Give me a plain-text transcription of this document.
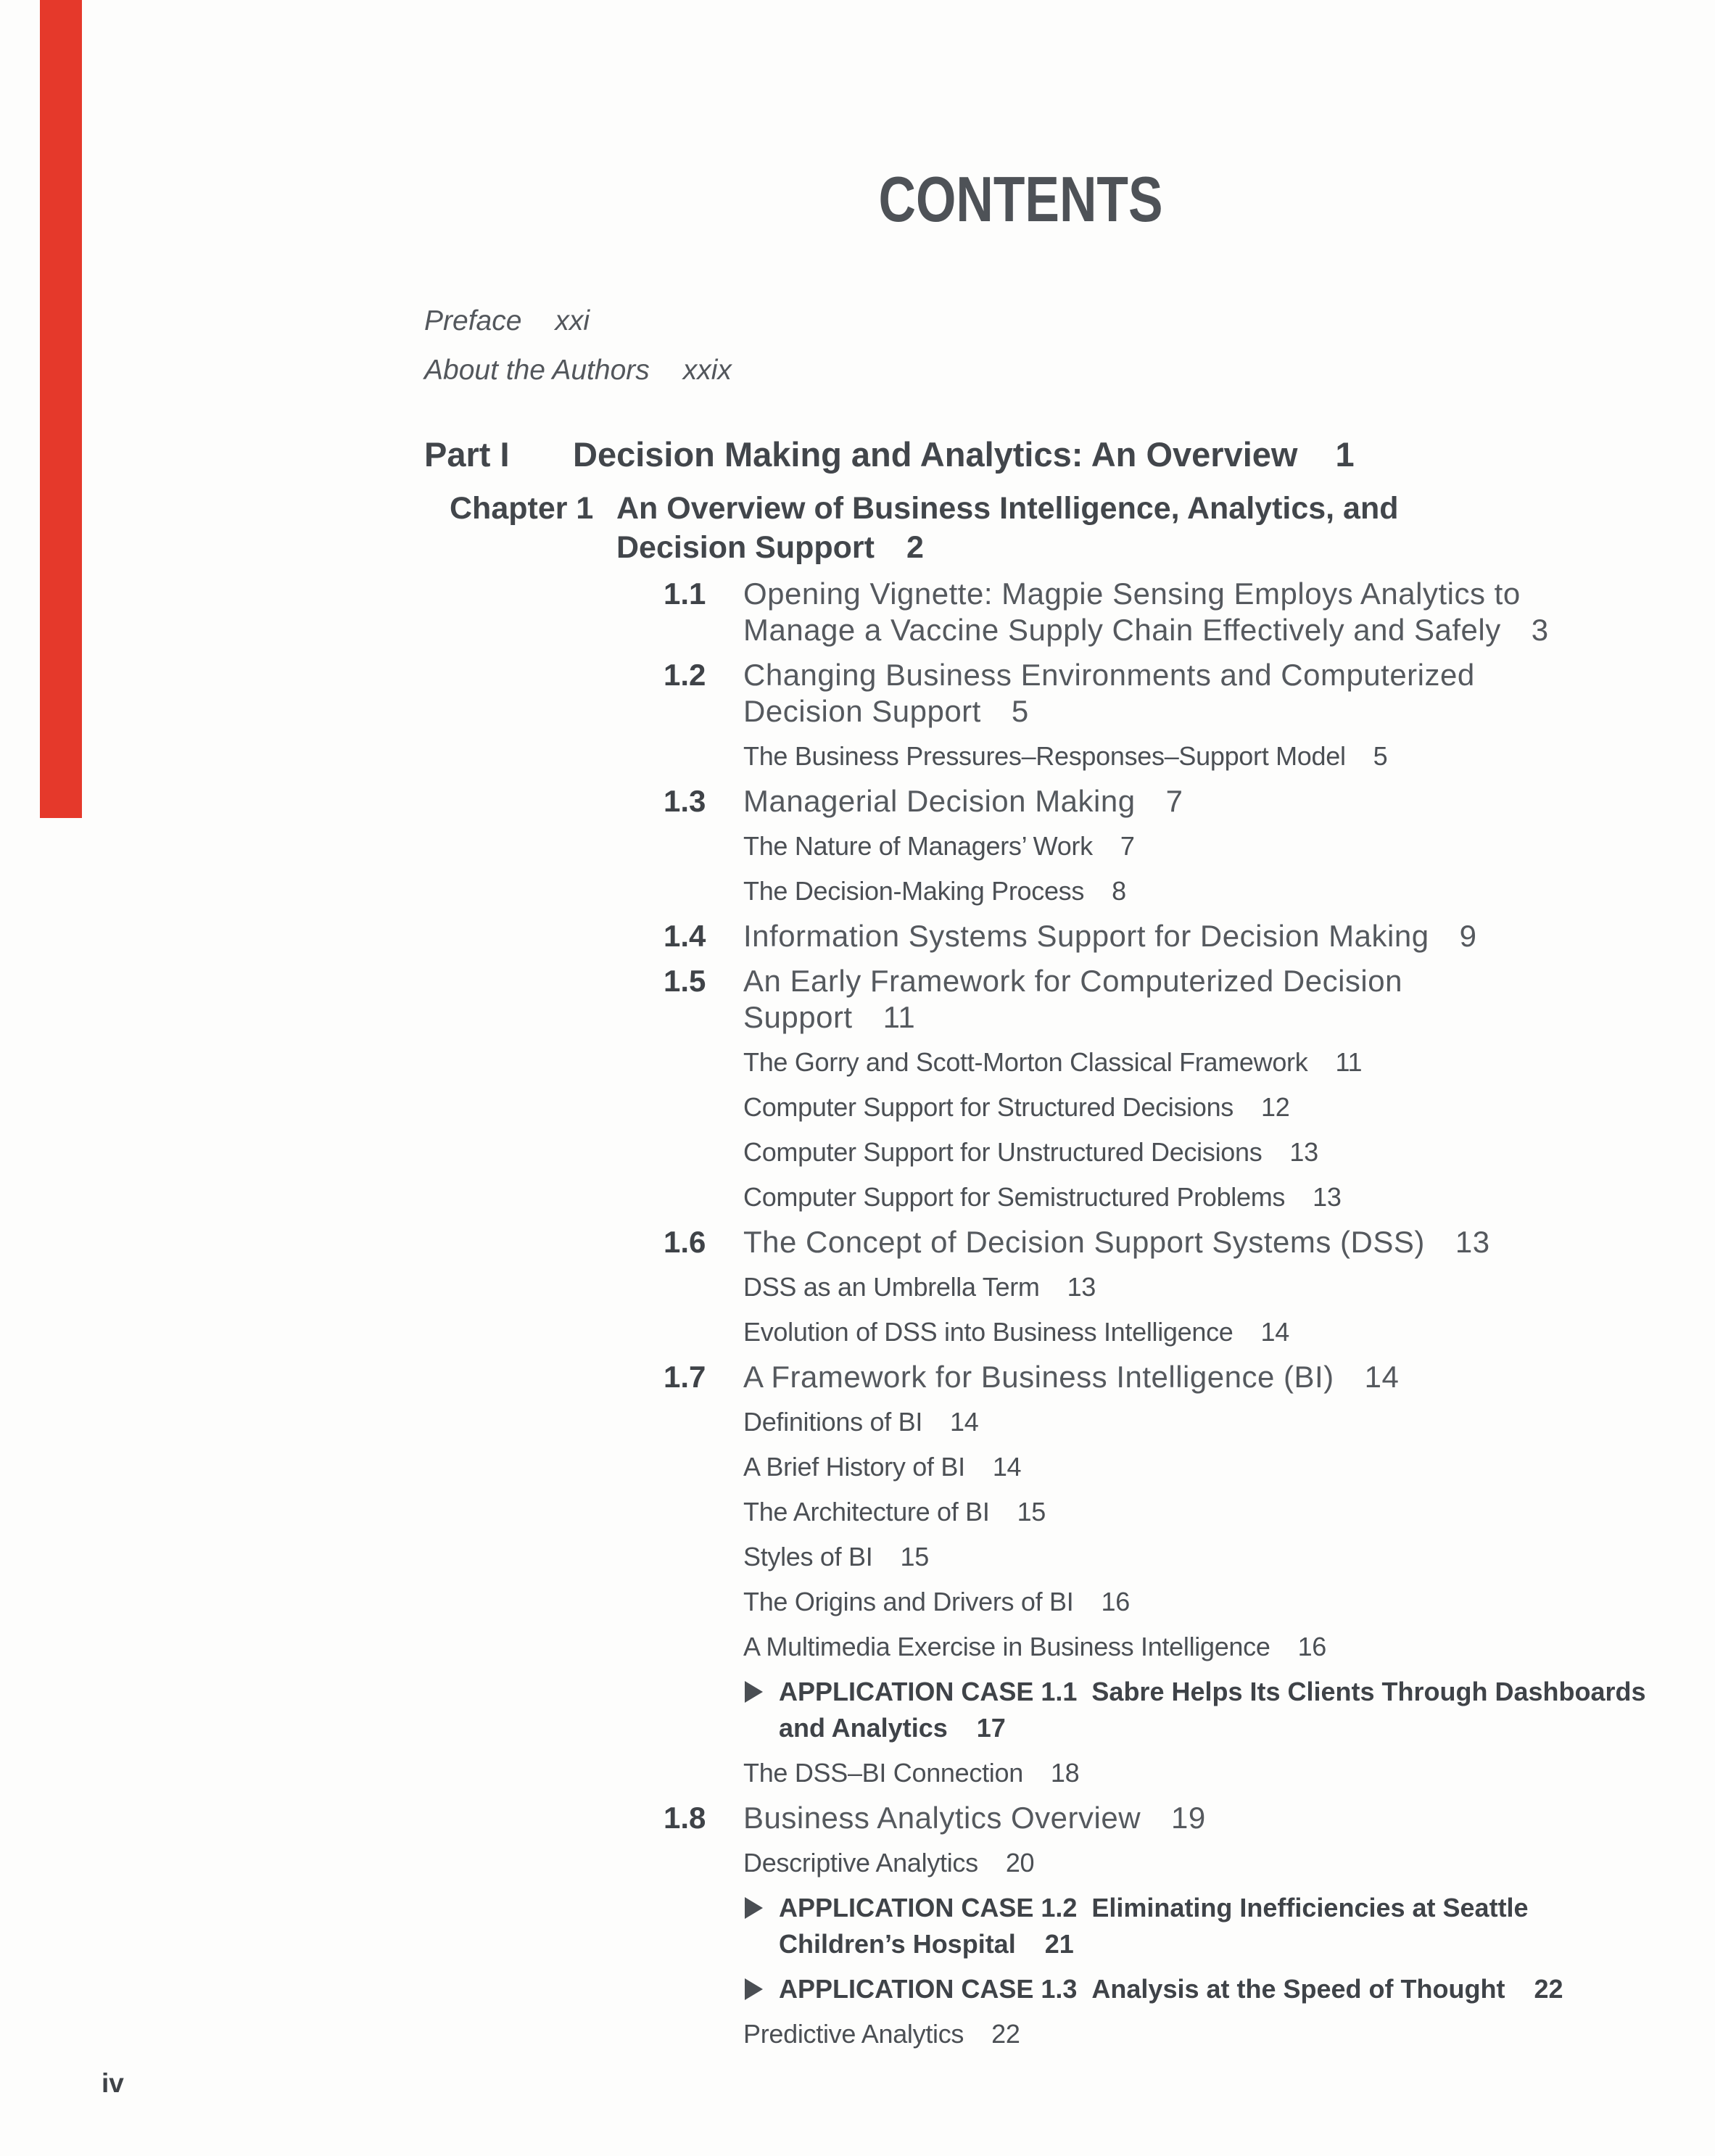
CONTENTS
Preface xxi
About the Authors xxix
Part I	Decision Making and Analytics: An Overview 1
Chapter 1 An Overview of Business Intelligence, Analytics, and
Decision Support 2
1.1	Opening Vignette: Magpie Sensing Employs Analytics to
Manage a Vaccine Supply Chain Effectively and Safely 3
1.2	Changing Business Environments and Computerized
Decision Support 5
The Business Pressures–Responses–Support Model 5
1.3	Managerial Decision Making 7
The Nature of Managers’ Work 7
The Decision-Making Process 8
1.4	Information Systems Support for Decision Making 9
1.5	An Early Framework for Computerized Decision
Support 11
The Gorry and Scott-Morton Classical Framework 11
Computer Support for Structured Decisions 12
Computer Support for Unstructured Decisions 13
Computer Support for Semistructured Problems 13
1.6	The Concept of Decision Support Systems (DSS) 13
DSS as an Umbrella Term 13
Evolution of DSS into Business Intelligence 14
1.7	A Framework for Business Intelligence (BI) 14
Definitions of BI 14
A Brief History of BI 14
The Architecture of BI 15
Styles of BI 15
The Origins and Drivers of BI 16
A Multimedia Exercise in Business Intelligence 16
APPLICATION CASE 1.1 Sabre Helps Its Clients Through Dashboards
and Analytics 17
The DSS–BI Connection 18
1.8	Business Analytics Overview 19
Descriptive Analytics 20
APPLICATION CASE 1.2 Eliminating Inefficiencies at Seattle
Children’s Hospital 21
APPLICATION CASE 1.3 Analysis at the Speed of Thought 22
Predictive Analytics 22
iv
